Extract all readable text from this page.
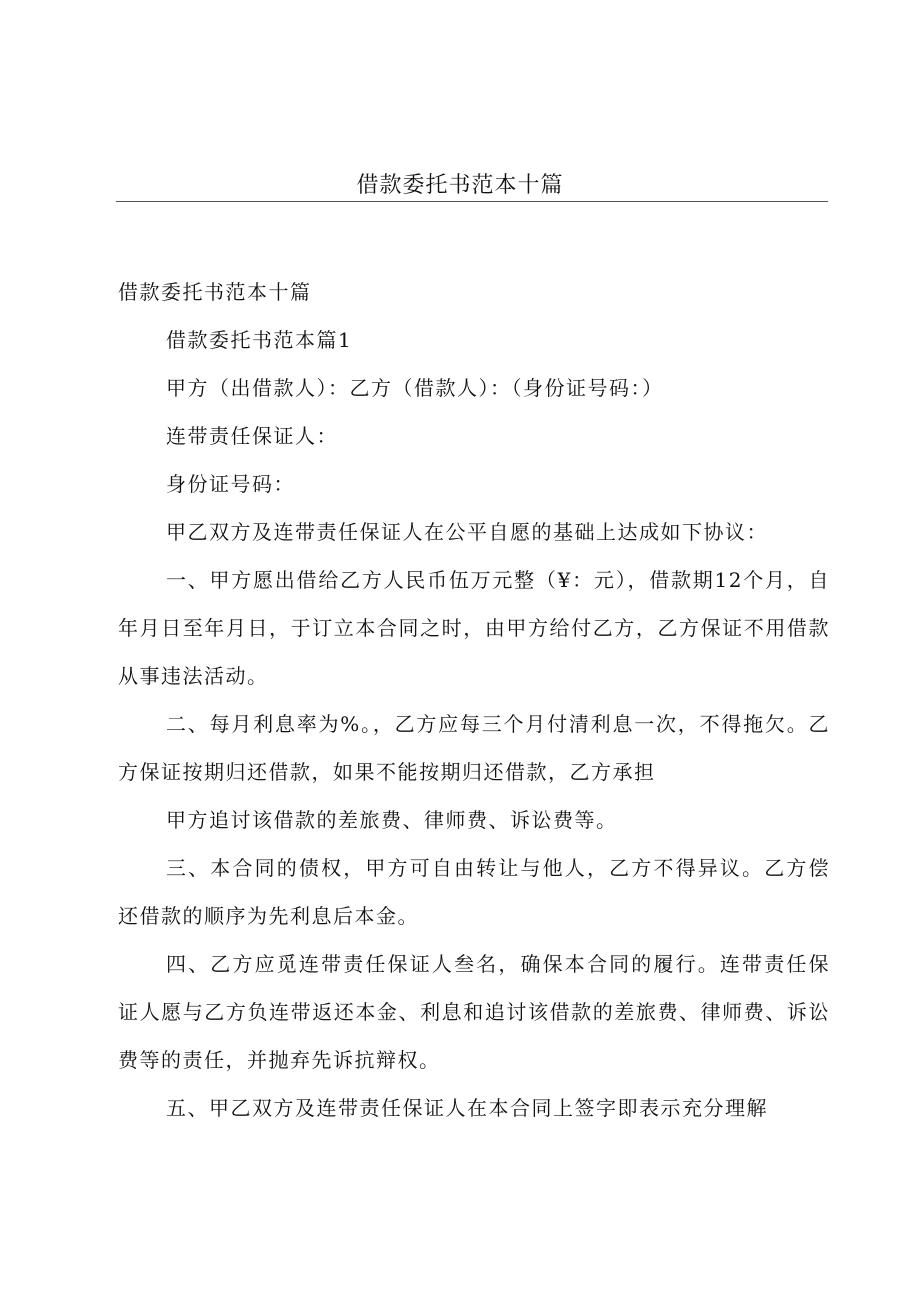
借款委托书范本十篇
借款委托书范本十篇
借款委托书范本篇1
甲方（出借款人）：乙方（借款人）：（身份证号码：）
连带责任保证人：
身份证号码：
甲乙双方及连带责任保证人在公平自愿的基础上达成如下协议：

一、甲方愿出借给乙方人民币伍万元整（¥：元），借款期12个月，自年月日至年月日，于订立本合同之时，由甲方给付乙方，乙方保证不用借款从事违法活动。

二、每月利息率为%。，乙方应每三个月付清利息一次，不得拖欠。乙方保证按期归还借款，如果不能按期归还借款，乙方承担

甲方追讨该借款的差旅费、律师费、诉讼费等。

三、本合同的债权，甲方可自由转让与他人，乙方不得异议。乙方偿还借款的顺序为先利息后本金。

四、乙方应觅连带责任保证人叁名，确保本合同的履行。连带责任保证人愿与乙方负连带返还本金、利息和追讨该借款的差旅费、律师费、诉讼费等的责任，并抛弃先诉抗辩权。

五、甲乙双方及连带责任保证人在本合同上签字即表示充分理解
